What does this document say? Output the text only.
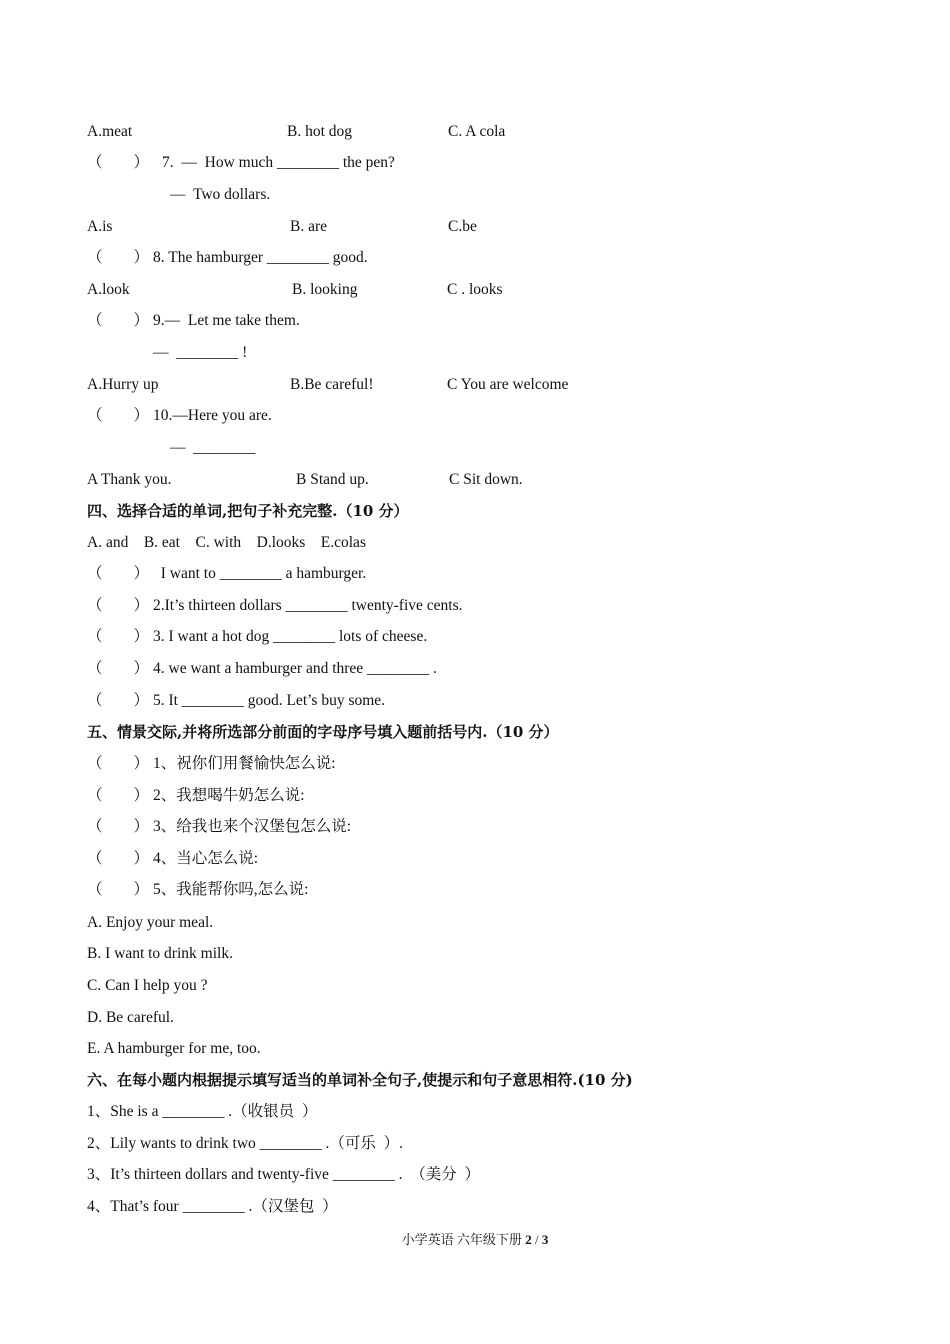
A.meat	B. hot dog	C. A cola
（        ） 7.  —  How much ________ the pen?
—  Two dollars.
A.is	B. are	C.be
（        ） 8. The hamburger ________ good.
A.look	B. looking	C . looks
（        ） 9.—  Let me take them.
—  ________ !
A.Hurry up	B.Be careful!	C You are welcome
（        ） 10.—Here you are.
—  ________
A Thank you.	B Stand up.	C Sit down.
四、选择合适的单词,把句子补充完整.（10 分）
A. and    B. eat    C. with    D.looks    E.colas
（        ） I want to ________ a hamburger.
（        ） 2.It’s thirteen dollars ________ twenty-five cents.
（        ） 3. I want a hot dog ________ lots of cheese.
（        ） 4. we want a hamburger and three ________ .
（        ） 5. It ________ good. Let’s buy some.
五、情景交际,并将所选部分前面的字母序号填入题前括号内.（10 分）
（        ） 1、祝你们用餐愉快怎么说:
（        ） 2、我想喝牛奶怎么说:
（        ） 3、给我也来个汉堡包怎么说:
（        ） 4、当心怎么说:
（        ） 5、我能帮你吗,怎么说:
A. Enjoy your meal.
B. I want to drink milk.
C. Can I help you ?
D. Be careful.
E. A hamburger for me, too.
六、在每小题内根据提示填写适当的单词补全句子,使提示和句子意思相符.(10 分)
1、She is a ________ .（收银员  ）
2、Lily wants to drink two ________ .（可乐  ）.
3、It’s thirteen dollars and twenty-five ________ .  （美分  ）
4、That’s four ________ .（汉堡包  ）
小学英语 六年级下册 2 / 3
